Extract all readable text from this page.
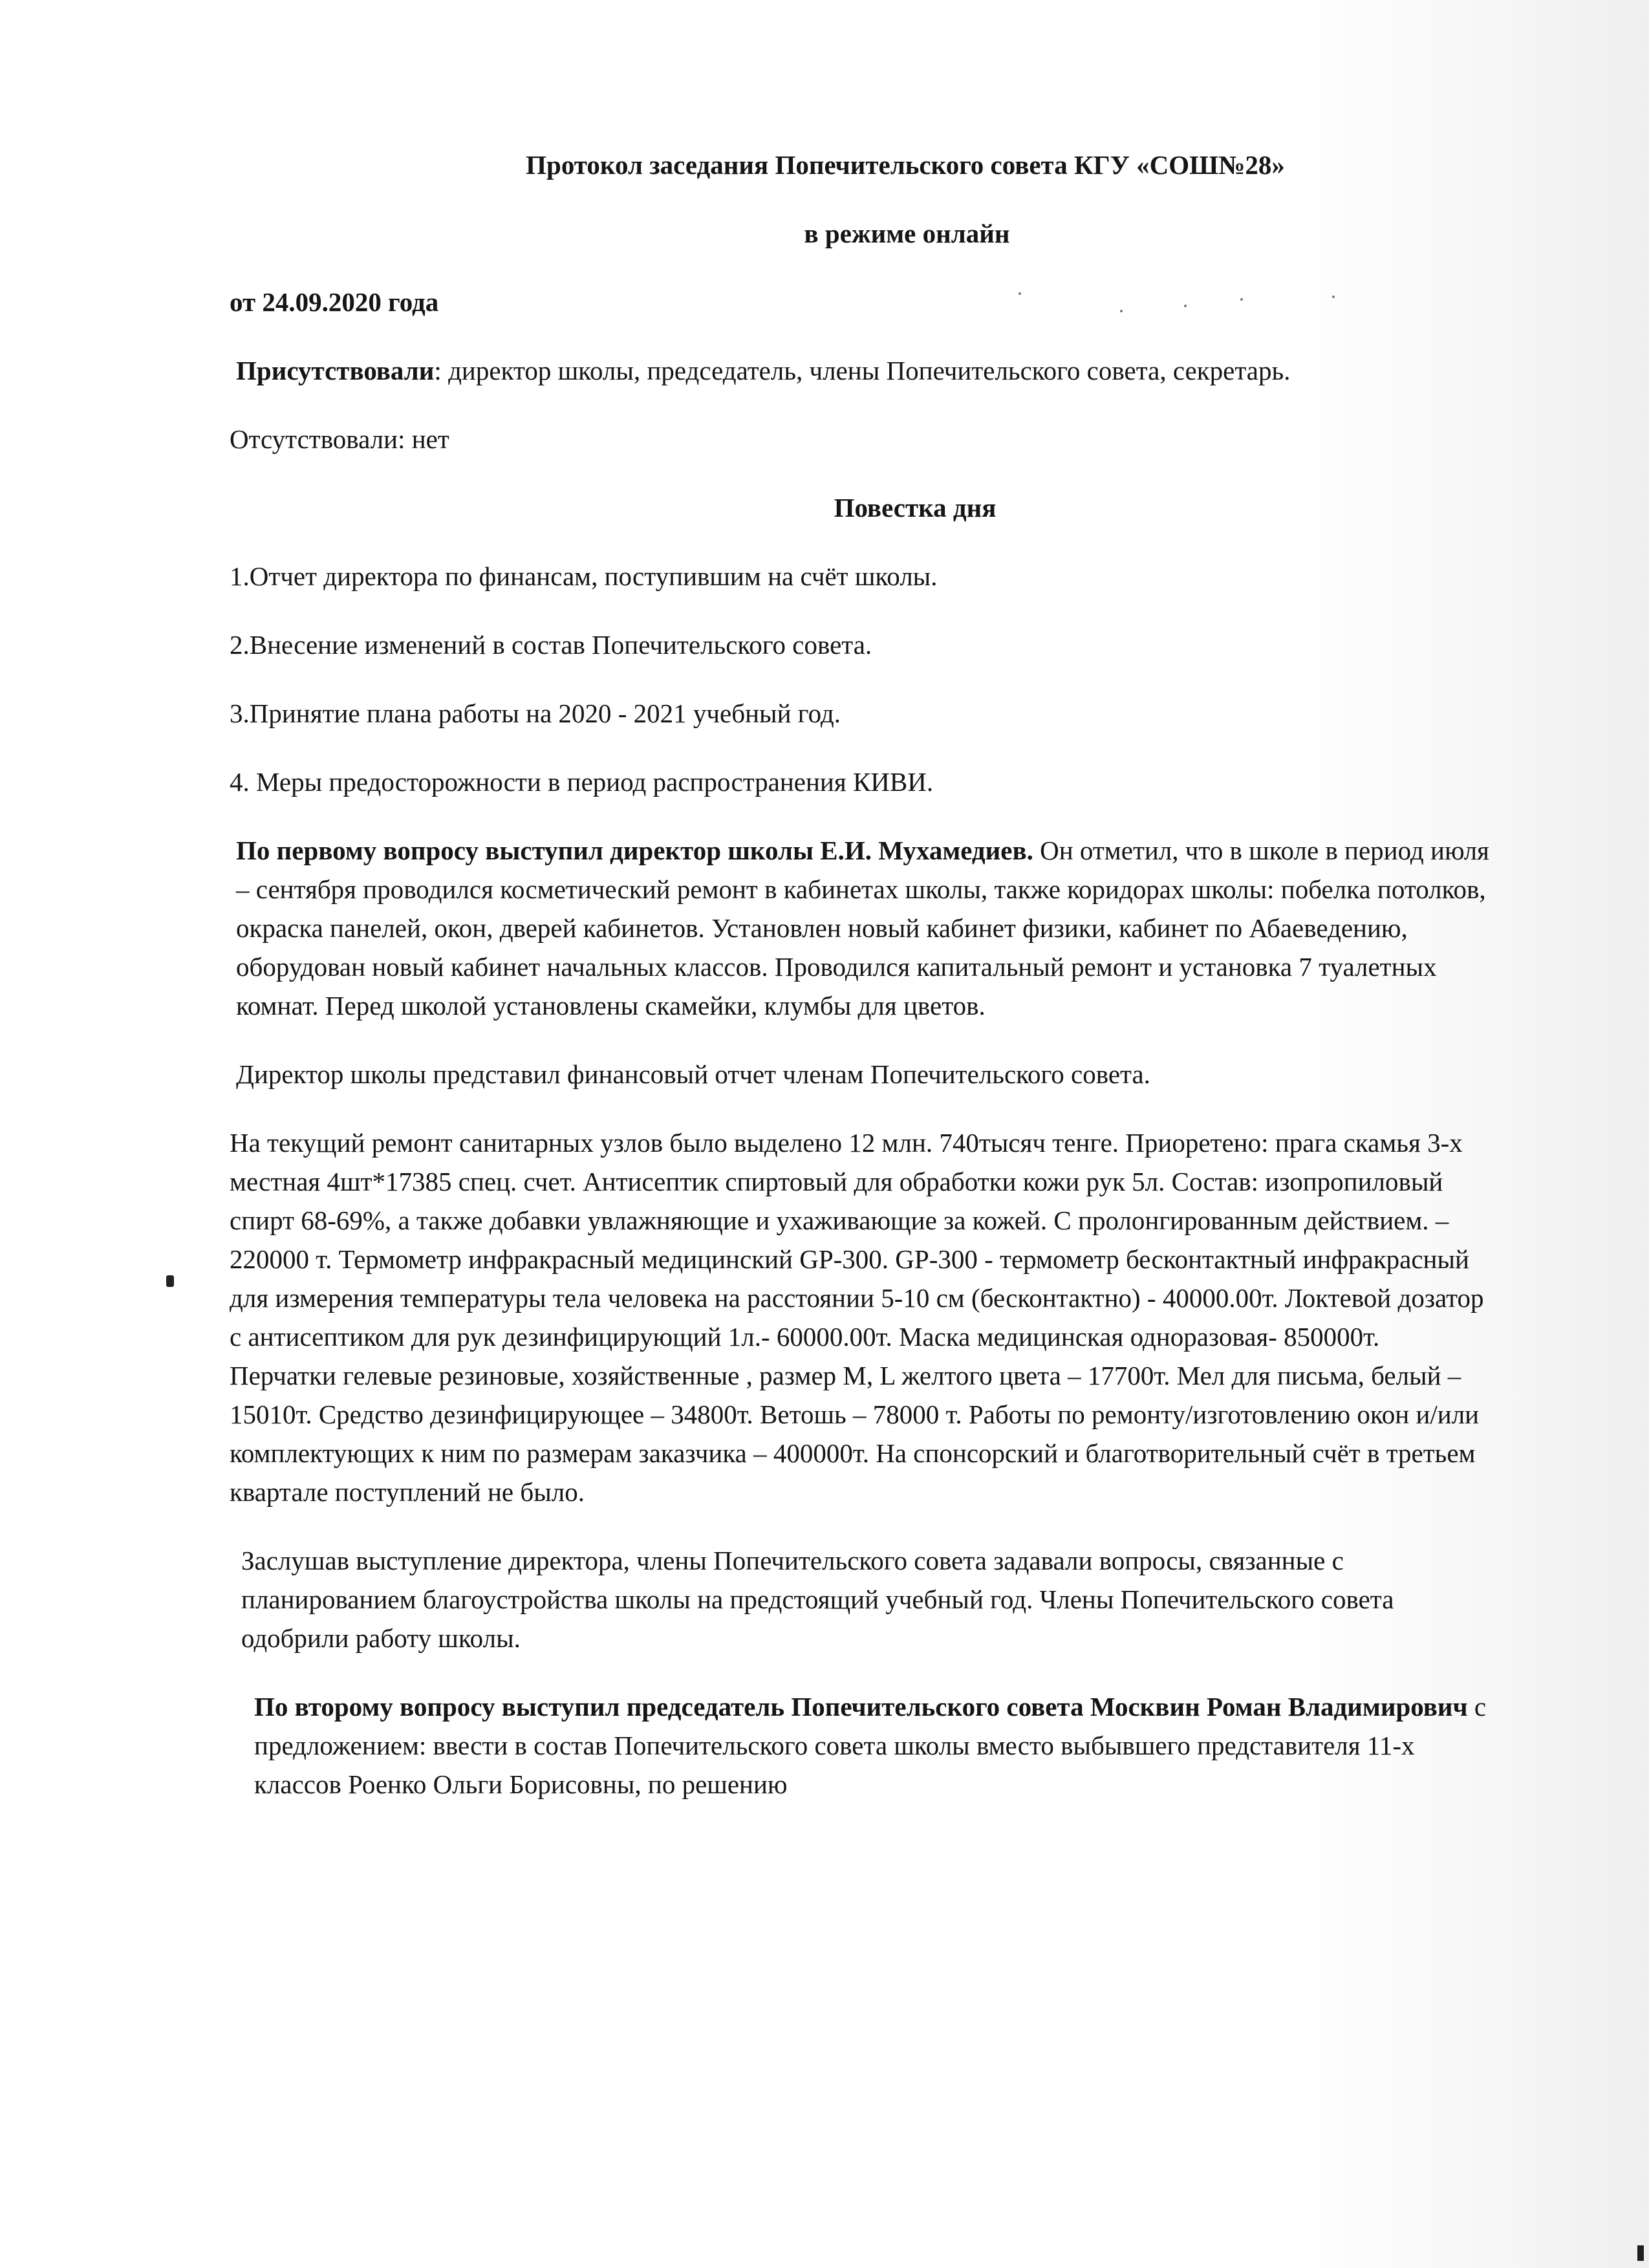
Протокол заседания Попечительского совета КГУ «СОШ№28»
в режиме онлайн
от 24.09.2020 года

Присутствовали: директор школы, председатель, члены Попечительского совета, секретарь.

Отсутствовали: нет

Повестка дня
1.Отчет директора по финансам, поступившим на счёт школы.
2.Внесение изменений в состав Попечительского совета.
3.Принятие плана работы на 2020 - 2021 учебный год.
4. Меры предосторожности в период распространения КИВИ.

По первому вопросу выступил директор школы Е.И. Мухамедиев. Он отметил, что в школе в период июля – сентября проводился косметический ремонт в кабинетах школы, также коридорах школы: побелка потолков, окраска панелей, окон, дверей кабинетов. Установлен новый кабинет физики, кабинет по Абаеведению, оборудован новый кабинет начальных классов. Проводился капитальный ремонт и установка 7 туалетных комнат. Перед школой установлены скамейки, клумбы для цветов.

Директор школы представил финансовый отчет членам Попечительского совета.

На текущий ремонт санитарных узлов было выделено 12 млн. 740тысяч тенге. Приоретено: прага скамья 3-х местная 4шт*17385 спец. счет. Антисептик спиртовый для обработки кожи рук 5л. Состав: изопропиловый спирт 68-69%, а также добавки увлажняющие и ухаживающие за кожей. С пролонгированным действием. – 220000 т. Термометр инфракрасный медицинский GP-300. GP-300 - термометр бесконтактный инфракрасный для измерения температуры тела человека на расстоянии 5-10 см (бесконтактно) - 40000.00т. Локтевой дозатор с антисептиком для рук дезинфицирующий 1л.- 60000.00т. Маска медицинская одноразовая- 850000т. Перчатки гелевые резиновые, хозяйственные , размер M, L желтого цвета – 17700т. Мел для письма, белый – 15010т. Средство дезинфицирующее – 34800т. Ветошь – 78000 т. Работы по ремонту/изготовлению окон и/или комплектующих к ним по размерам заказчика – 400000т. На спонсорский и благотворительный счёт в третьем квартале поступлений не было.

Заслушав выступление директора, члены Попечительского совета задавали вопросы, связанные с планированием благоустройства школы на предстоящий учебный год. Члены Попечительского совета одобрили работу школы.

По второму вопросу выступил председатель Попечительского совета Москвин Роман Владимирович с предложением: ввести в состав Попечительского совета школы вместо выбывшего представителя 11-х классов Роенко Ольги Борисовны, по решению
